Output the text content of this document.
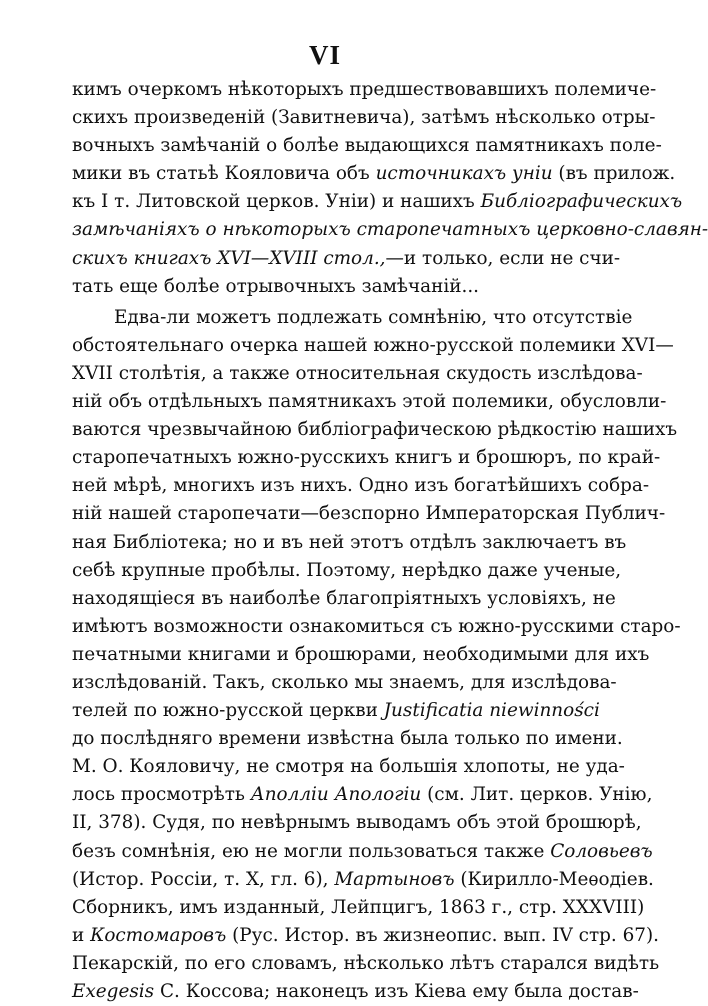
VI
кимъ очеркомъ нѣкоторыхъ предшествовавшихъ полемиче-
скихъ произведеній (Завитневича), затѣмъ нѣсколько отры-
вочныхъ замѣчаній о болѣе выдающихся памятникахъ поле-
мики въ статьѣ Кояловича объ источникахъ уніи (въ прилож.
къ I т. Литовской церков. Уніи) и нашихъ Библіографическихъ
замѣчаніяхъ о нѣкоторыхъ старопечатныхъ церковно-славян-
скихъ книгахъ XVI—XVIII стол.,—и только, если не счи-
тать еще болѣе отрывочныхъ замѣчаній...
Едва-ли можетъ подлежать сомнѣнію, что отсутствіе
обстоятельнаго очерка нашей южно-русской полемики XVI—
XVII столѣтія, а также относительная скудость изслѣдова-
ній объ отдѣльныхъ памятникахъ этой полемики, обусловли-
ваются чрезвычайною библіографическою рѣдкостію нашихъ
старопечатныхъ южно-русскихъ книгъ и брошюръ, по край-
ней мѣрѣ, многихъ изъ нихъ. Одно изъ богатѣйшихъ собра-
ній нашей старопечати—безспорно Императорская Публич-
ная Библіотека; но и въ ней этотъ отдѣлъ заключаетъ въ
себѣ крупные пробѣлы. Поэтому, нерѣдко даже ученые,
находящіеся въ наиболѣе благопріятныхъ условіяхъ, не
имѣютъ возможности ознакомиться съ южно-русскими старо-
печатными книгами и брошюрами, необходимыми для ихъ
изслѣдованій. Такъ, сколько мы знаемъ, для изслѣдова-
телей по южно-русской церкви Justificatia niewinności
до послѣдняго времени извѣстна была только по имени.
М. О. Кояловичу, не смотря на большія хлопоты, не уда-
лось просмотрѣть Аполлiи Апологіи (см. Лит. церков. Унію,
II, 378). Судя, по невѣрнымъ выводамъ объ этой брошюрѣ,
безъ сомнѣнія, ею не могли пользоваться также Соловьевъ
(Истор. Россіи, т. X, гл. 6), Мартыновъ (Кирилло-Меѳодіев.
Сборникъ, имъ изданный, Лейпцигъ, 1863 г., стр. XXXVIII)
и Костомаровъ (Рус. Истор. въ жизнеопис. вып. IV стр. 67).
Пекарскій, по его словамъ, нѣсколько лѣтъ старался видѣть
Exegesis С. Коссова; наконецъ изъ Кіева ему была достав-
